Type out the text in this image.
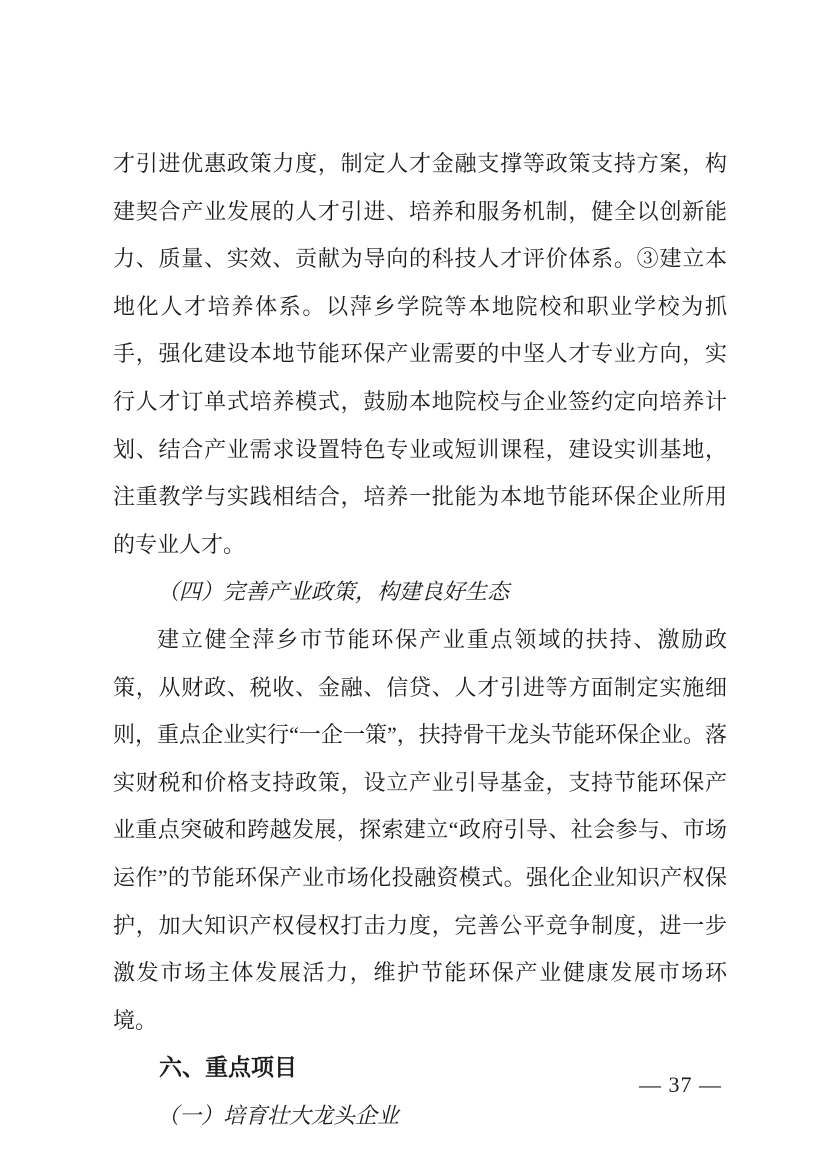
才引进优惠政策力度，制定人才金融支撑等政策支持方案，构建契合产业发展的人才引进、培养和服务机制，健全以创新能力、质量、实效、贡献为导向的科技人才评价体系。③建立本地化人才培养体系。以萍乡学院等本地院校和职业学校为抓手，强化建设本地节能环保产业需要的中坚人才专业方向，实行人才订单式培养模式，鼓励本地院校与企业签约定向培养计划、结合产业需求设置特色专业或短训课程，建设实训基地，注重教学与实践相结合，培养一批能为本地节能环保企业所用的专业人才。

（四）完善产业政策，构建良好生态

建立健全萍乡市节能环保产业重点领域的扶持、激励政策，从财政、税收、金融、信贷、人才引进等方面制定实施细则，重点企业实行“一企一策”，扶持骨干龙头节能环保企业。落实财税和价格支持政策，设立产业引导基金，支持节能环保产业重点突破和跨越发展，探索建立“政府引导、社会参与、市场运作”的节能环保产业市场化投融资模式。强化企业知识产权保护，加大知识产权侵权打击力度，完善公平竞争制度，进一步激发市场主体发展活力，维护节能环保产业健康发展市场环境。

六、重点项目

（一）培育壮大龙头企业

— 37 —
